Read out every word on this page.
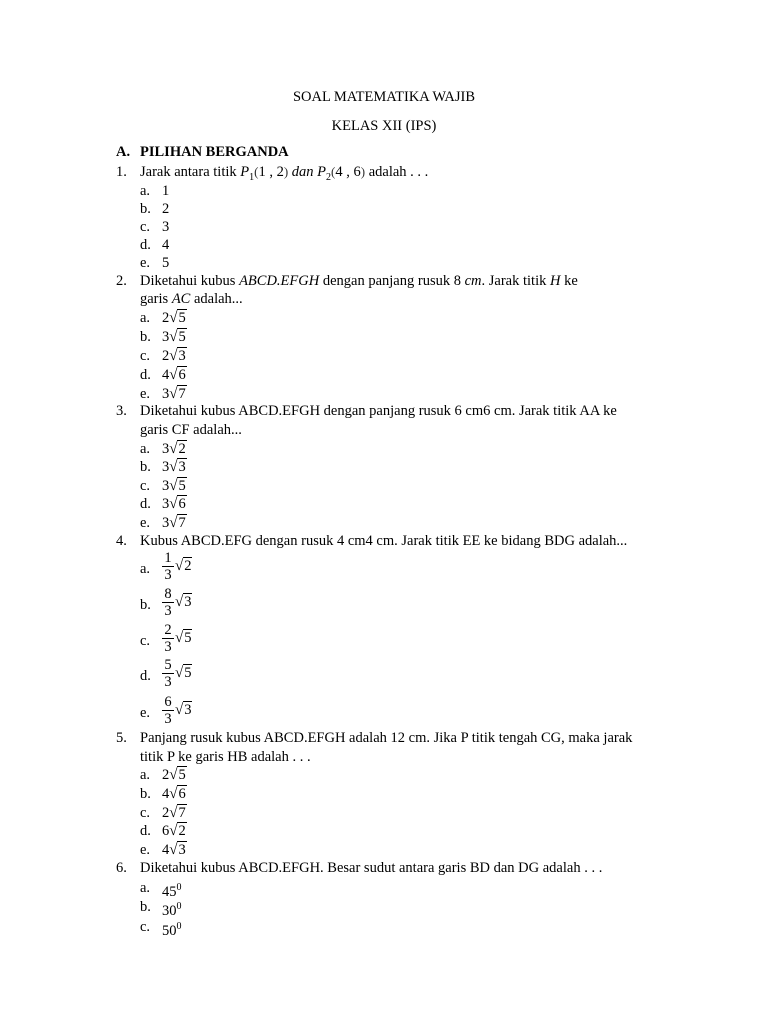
SOAL MATEMATIKA WAJIB
KELAS XII (IPS)
A. PILIHAN BERGANDA
1. Jarak antara titik $P_1(1$ , 2) dan $P_2(4$ , 6) adalah . . .
a. 1
b. 2
c. 3
d. 4
e. 5
2. Diketahui kubus ABCD.EFGH dengan panjang rusuk 8 cm. Jarak titik H ke
garis AC adalah...
a. 2√5
b. 3√5
c. 2√3
d. 4√6
e. 3√7
3. Diketahui kubus ABCD.EFGH dengan panjang rusuk 6 cm6 cm. Jarak titik AA ke
garis CF adalah...
a. 3√2
b. 3√3
c. 3√5
d. 3√6
e. 3√7
4. Kubus ABCD.EFG dengan rusuk 4 cm4 cm. Jarak titik EE ke bidang BDG adalah...
a. $\frac{1}{3} √2$
b. $\frac{8}{3} √3$
c. $\frac{2}{3} √5$
d. $\frac{5}{3} √5$
e. $\frac{6}{3} √3$
5. Panjang rusuk kubus ABCD.EFGH adalah 12 cm. Jika P titik tengah CG, maka jarak
titik P ke garis HB adalah . . .
a. 2√5
b. 4√6
c. 2√7
d. 6√2
e. 4√3
6. Diketahui kubus ABCD.EFGH. Besar sudut antara garis BD dan DG adalah . . .
a. $45^0$
b. $30^0$
c. $50^0$
